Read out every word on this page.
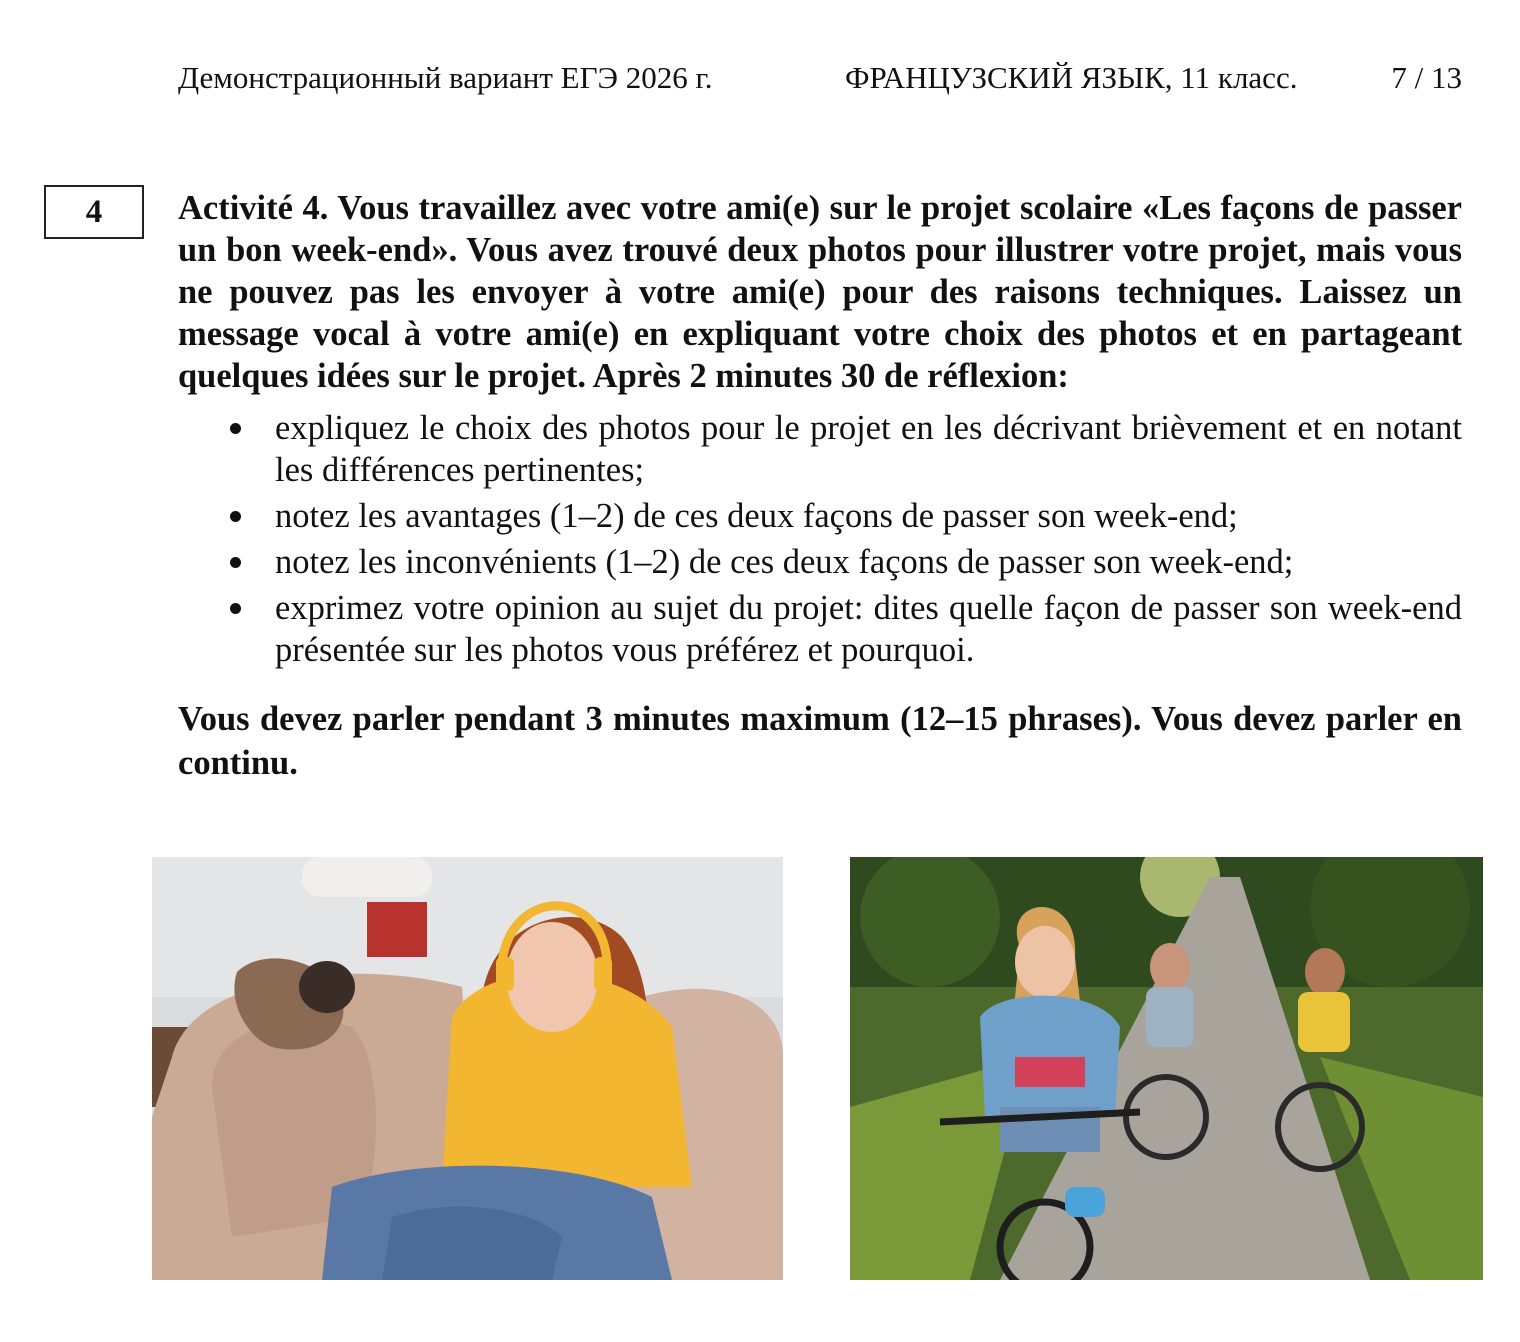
Демонстрационный вариант ЕГЭ 2026 г.	ФРАНЦУЗСКИЙ ЯЗЫК, 11 класс.	7 / 13
4 Activité 4. Vous travaillez avec votre ami(e) sur le projet scolaire «Les façons de passer un bon week-end». Vous avez trouvé deux photos pour illustrer votre projet, mais vous ne pouvez pas les envoyer à votre ami(e) pour des raisons techniques. Laissez un message vocal à votre ami(e) en expliquant votre choix des photos et en partageant quelques idées sur le projet. Après 2 minutes 30 de réflexion:

expliquez le choix des photos pour le projet en les décrivant brièvement et en notant les différences pertinentes;
notez les avantages (1–2) de ces deux façons de passer son week-end;
notez les inconvénients (1–2) de ces deux façons de passer son week-end;
exprimez votre opinion au sujet du projet: dites quelle façon de passer son week-end présentée sur les photos vous préférez et pourquoi.

Vous devez parler pendant 3 minutes maximum (12–15 phrases). Vous devez parler en continu.
